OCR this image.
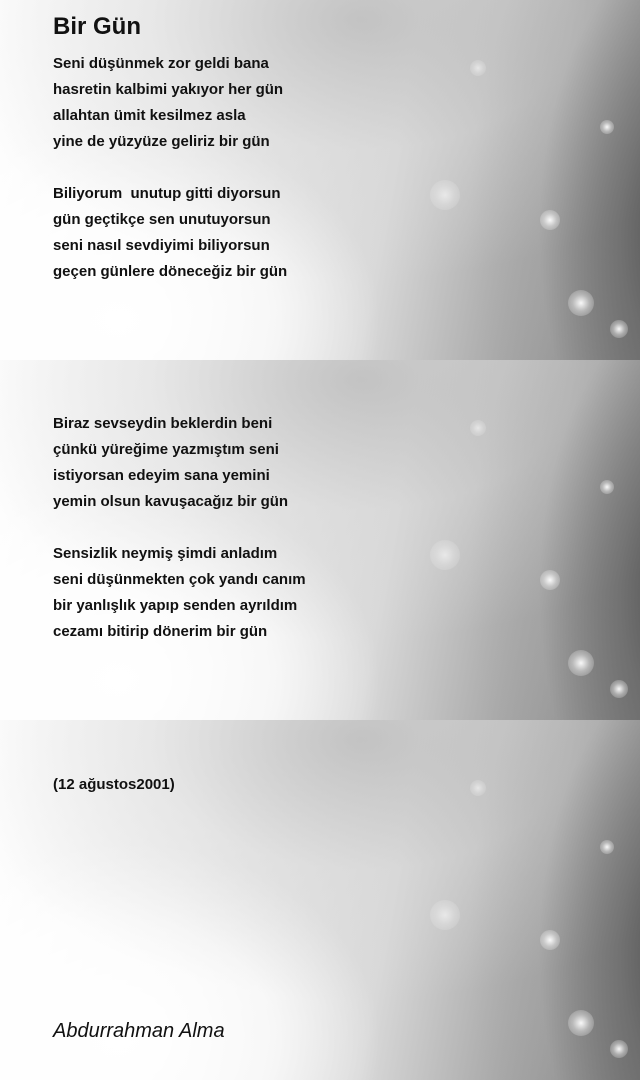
Bir Gün

Seni düşünmek zor geldi bana
hasretin kalbimi yakıyor her gün
allahtan ümit kesilmez asla
yine de yüzyüze geliriz bir gün

Biliyorum  unutup gitti diyorsun
gün geçtikçe sen unutuyorsun
seni nasıl sevdiyimi biliyorsun
geçen günlere döneceğiz bir gün

Biraz sevseydin beklerdin beni
çünkü yüreğime yazmıştım seni
istiyorsan edeyim sana yemini
yemin olsun kavuşacağız bir gün

Sensizlik neymiş şimdi anladım
seni düşünmekten çok yandı canım
bir yanlışlık yapıp senden ayrıldım
cezamı bitirip dönerim bir gün

(12 ağustos2001)

Abdurrahman Alma
